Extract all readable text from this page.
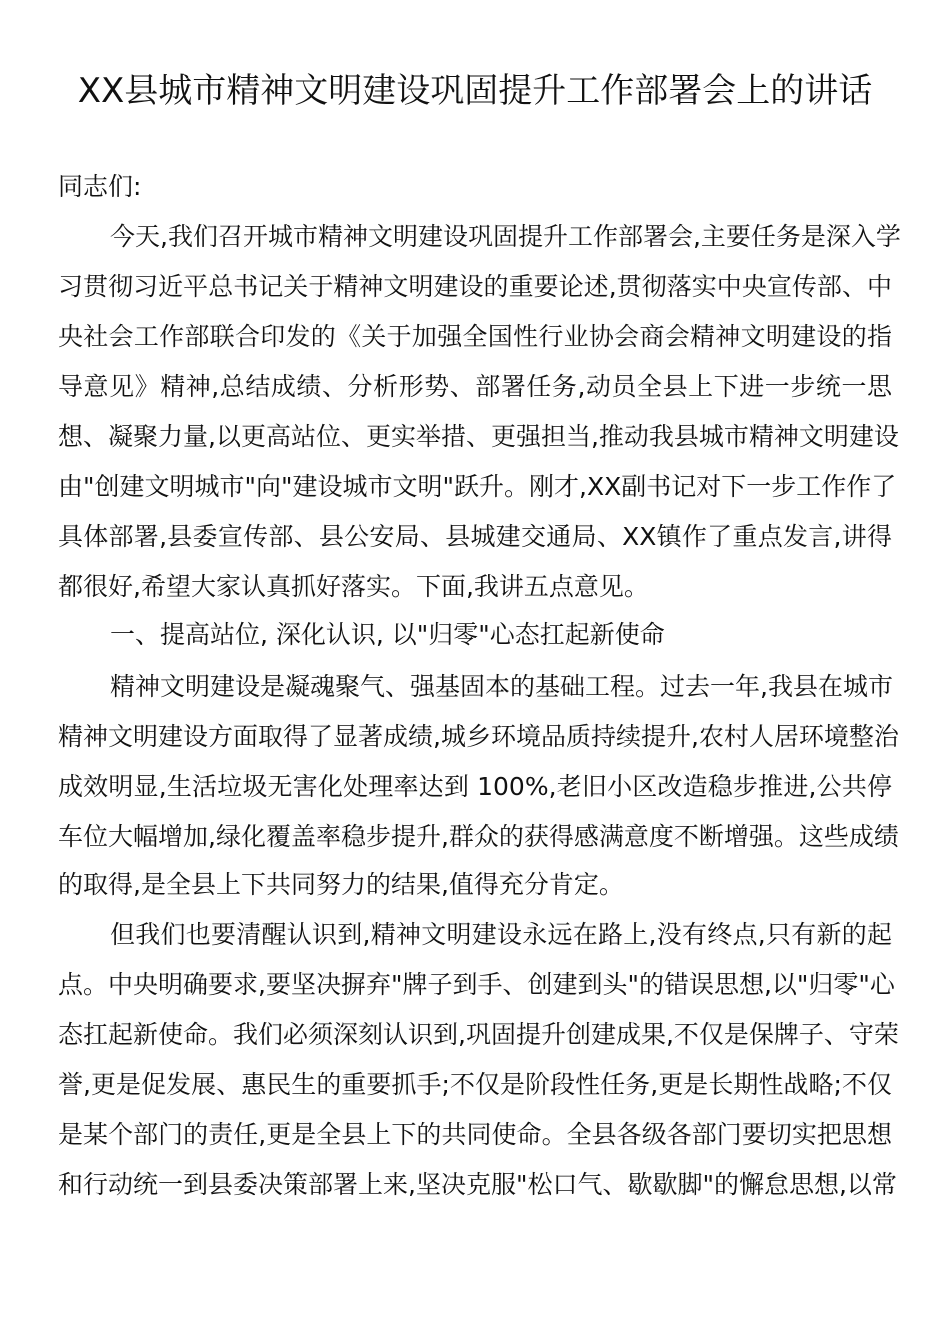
XX县城市精神文明建设巩固提升工作部署会上的讲话
同志们:
今天,我们召开城市精神文明建设巩固提升工作部署会,主要任务是深入学
习贯彻习近平总书记关于精神文明建设的重要论述,贯彻落实中央宣传部、中
央社会工作部联合印发的《关于加强全国性行业协会商会精神文明建设的指
导意见》精神,总结成绩、分析形势、部署任务,动员全县上下进一步统一思
想、凝聚力量,以更高站位、更实举措、更强担当,推动我县城市精神文明建设
由"创建文明城市"向"建设城市文明"跃升。刚才,XX副书记对下一步工作作了
具体部署,县委宣传部、县公安局、县城建交通局、XX镇作了重点发言,讲得
都很好,希望大家认真抓好落实。下面,我讲五点意见。
一、提高站位, 深化认识, 以"归零"心态扛起新使命
精神文明建设是凝魂聚气、强基固本的基础工程。过去一年,我县在城市
精神文明建设方面取得了显著成绩,城乡环境品质持续提升,农村人居环境整治
成效明显,生活垃圾无害化处理率达到 100%,老旧小区改造稳步推进,公共停
车位大幅增加,绿化覆盖率稳步提升,群众的获得感满意度不断增强。这些成绩
的取得,是全县上下共同努力的结果,值得充分肯定。
但我们也要清醒认识到,精神文明建设永远在路上,没有终点,只有新的起
点。中央明确要求,要坚决摒弃"牌子到手、创建到头"的错误思想,以"归零"心
态扛起新使命。我们必须深刻认识到,巩固提升创建成果,不仅是保牌子、守荣
誉,更是促发展、惠民生的重要抓手;不仅是阶段性任务,更是长期性战略;不仅
是某个部门的责任,更是全县上下的共同使命。全县各级各部门要切实把思想
和行动统一到县委决策部署上来,坚决克服"松口气、歇歇脚"的懈怠思想,以常
